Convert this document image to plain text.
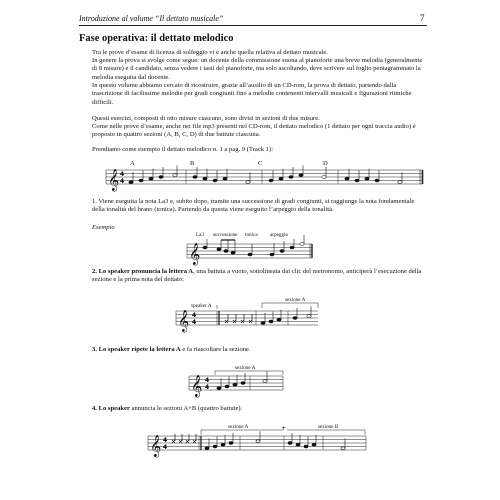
Introduzione al volume “Il dettato musicale”	7
Fase operativa: il dettato melodico

Tra le prove d’esame di licenza di solfeggio vi è anche quella relativa al dettato musicale.

In genere la prova si svolge come segue: un docente della commissione suona al pianoforte una breve melodia (generalmente di 8 misure) e il candidato, senza vedere i tasti del pianoforte, ma solo ascoltando, deve scrivere sul foglio pentagrammato la melodia eseguita dal docente.

In questo volume abbiamo cercato di ricostruire, grazie all’ausilio di un CD-rom, la prova di dettato, partendo dalla trascrizione di facilissime melodie per gradi congiunti fino a melodie contenenti intervalli musicali e figurazioni ritmiche difficili.

Questi esercizi, composti di otto misure ciascuno, sono divisi in sezioni di due misure.

Come nelle prove d’esame, anche nei file mp3 presenti nel CD-rom, il dettato melodico (1 dettato per ogni traccia audio) è proposto in quattro sezioni (A, B, C, D) di due battute ciascuna.

Prendiamo come esempio il dettato melodico n. 1 a pag. 9 (Track 1):

1. Viene eseguita la nota La3 e, subito dopo, tramite una successione di gradi congiunti, si raggiunge la nota fondamentale della tonalità del brano (tonica). Partendo da questa viene eseguito l’arpeggio della tonalità.

Esempio

2. Lo speaker pronuncia la lettera A, una battuta a vuoto, sottolineata dai clic del metronomo, anticiperà l’esecuzione della sezione e la prima nota del dettato:

3. Lo speaker ripete la lettera A e fa riascoltare la sezione.

4. Lo speaker annuncia le sezioni A+B (quattro battute).

𝄞 4
4
A	B	C	D
La3 successione tonica arpeggio
𝄞
speaker A
sezione A
𝄞 4
4
sezione A
𝄞 4
4
sezione A	+	sezione B
𝄞 4
4
